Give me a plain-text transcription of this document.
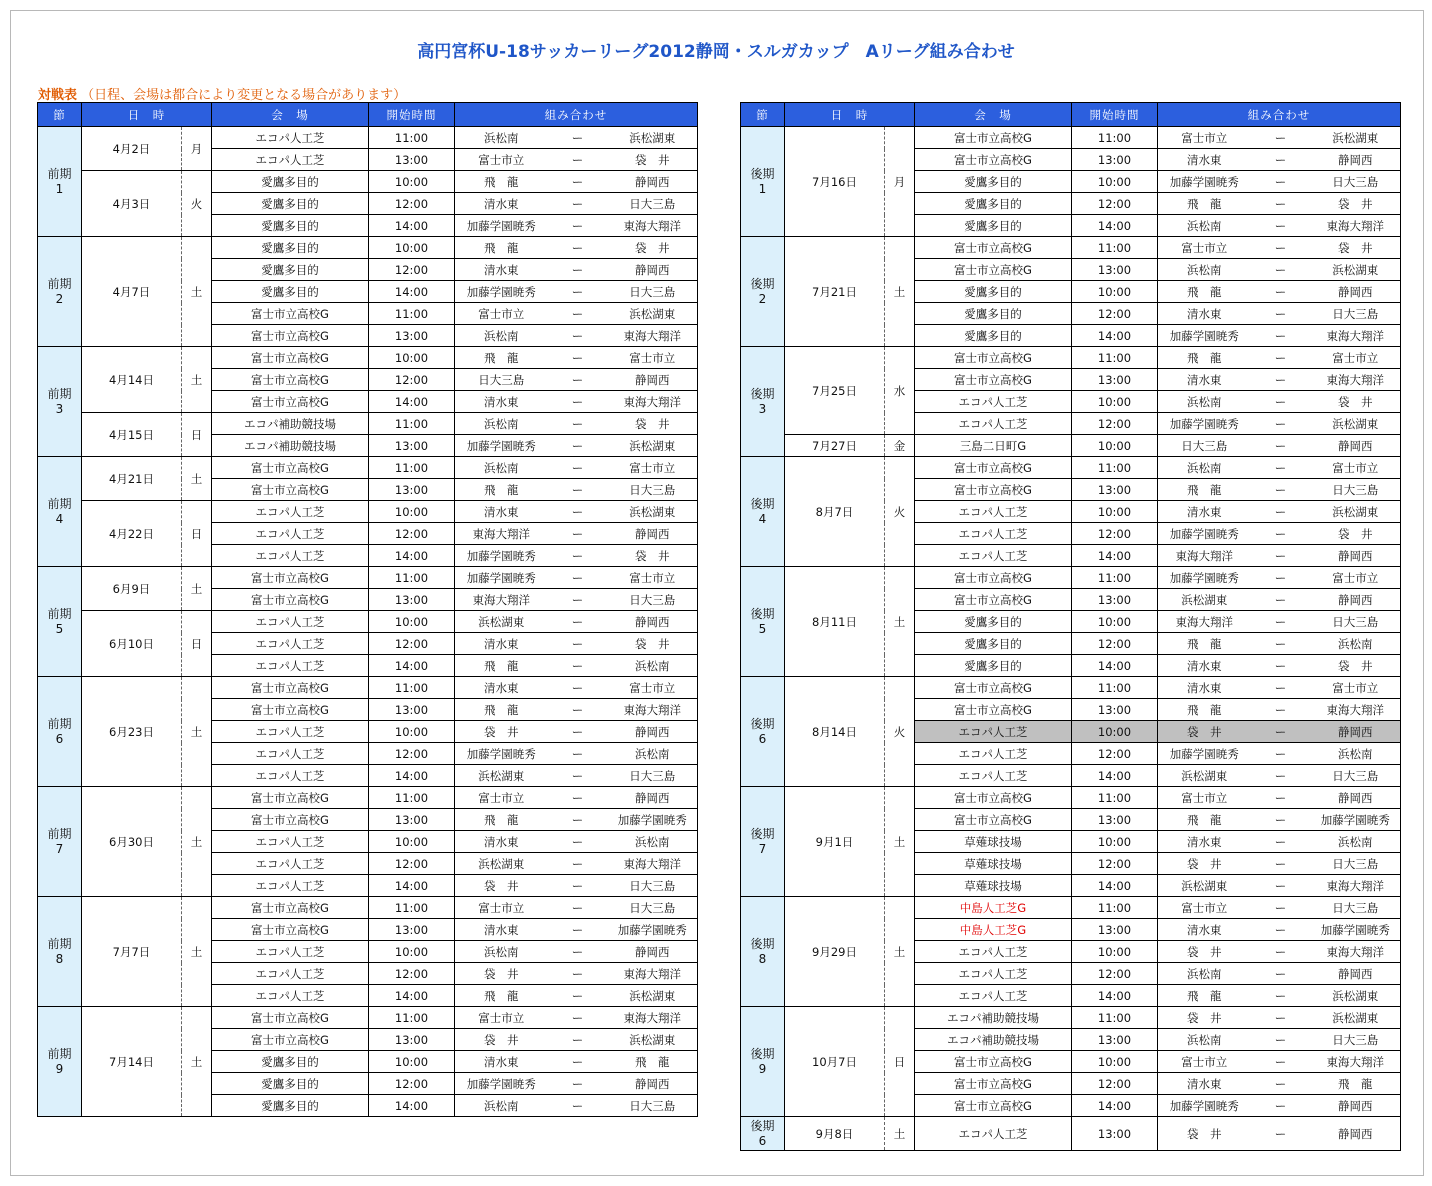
高円宮杯U-18サッカーリーグ2012静岡・スルガカップ　Aリーグ組み合わせ
対戦表 （日程、会場は都合により変更となる場合があります）
節	日　時		会　場	開始時間	組み合わせ		
前期
1	4月2日	月	エコパ人工芝	11:00	浜松南	ー	浜松湖東
			エコパ人工芝	13:00	富士市立	ー	袋　井
	4月3日	火	愛鷹多目的	10:00	飛　龍	ー	静岡西
			愛鷹多目的	12:00	清水東	ー	日大三島
			愛鷹多目的	14:00	加藤学園暁秀	ー	東海大翔洋
前期
2	4月7日	土	愛鷹多目的	10:00	飛　龍	ー	袋　井
			愛鷹多目的	12:00	清水東	ー	静岡西
			愛鷹多目的	14:00	加藤学園暁秀	ー	日大三島
			富士市立高校G	11:00	富士市立	ー	浜松湖東
			富士市立高校G	13:00	浜松南	ー	東海大翔洋
前期
3	4月14日	土	富士市立高校G	10:00	飛　龍	ー	富士市立
			富士市立高校G	12:00	日大三島	ー	静岡西
			富士市立高校G	14:00	清水東	ー	東海大翔洋
	4月15日	日	エコパ補助競技場	11:00	浜松南	ー	袋　井
			エコパ補助競技場	13:00	加藤学園暁秀	ー	浜松湖東
前期
4	4月21日	土	富士市立高校G	11:00	浜松南	ー	富士市立
			富士市立高校G	13:00	飛　龍	ー	日大三島
	4月22日	日	エコパ人工芝	10:00	清水東	ー	浜松湖東
			エコパ人工芝	12:00	東海大翔洋	ー	静岡西
			エコパ人工芝	14:00	加藤学園暁秀	ー	袋　井
前期
5	6月9日	土	富士市立高校G	11:00	加藤学園暁秀	ー	富士市立
			富士市立高校G	13:00	東海大翔洋	ー	日大三島
	6月10日	日	エコパ人工芝	10:00	浜松湖東	ー	静岡西
			エコパ人工芝	12:00	清水東	ー	袋　井
			エコパ人工芝	14:00	飛　龍	ー	浜松南
前期
6	6月23日	土	富士市立高校G	11:00	清水東	ー	富士市立
			富士市立高校G	13:00	飛　龍	ー	東海大翔洋
			エコパ人工芝	10:00	袋　井	ー	静岡西
			エコパ人工芝	12:00	加藤学園暁秀	ー	浜松南
			エコパ人工芝	14:00	浜松湖東	ー	日大三島
前期
7	6月30日	土	富士市立高校G	11:00	富士市立	ー	静岡西
			富士市立高校G	13:00	飛　龍	ー	加藤学園暁秀
			エコパ人工芝	10:00	清水東	ー	浜松南
			エコパ人工芝	12:00	浜松湖東	ー	東海大翔洋
			エコパ人工芝	14:00	袋　井	ー	日大三島
前期
8	7月7日	土	富士市立高校G	11:00	富士市立	ー	日大三島
			富士市立高校G	13:00	清水東	ー	加藤学園暁秀
			エコパ人工芝	10:00	浜松南	ー	静岡西
			エコパ人工芝	12:00	袋　井	ー	東海大翔洋
			エコパ人工芝	14:00	飛　龍	ー	浜松湖東
前期
9	7月14日	土	富士市立高校G	11:00	富士市立	ー	東海大翔洋
			富士市立高校G	13:00	袋　井	ー	浜松湖東
			愛鷹多目的	10:00	清水東	ー	飛　龍
			愛鷹多目的	12:00	加藤学園暁秀	ー	静岡西
			愛鷹多目的	14:00	浜松南	ー	日大三島
節	日　時		会　場	開始時間	組み合わせ		
後期
1	7月16日	月	富士市立高校G	11:00	富士市立	ー	浜松湖東
			富士市立高校G	13:00	清水東	ー	静岡西
			愛鷹多目的	10:00	加藤学園暁秀	ー	日大三島
			愛鷹多目的	12:00	飛　龍	ー	袋　井
			愛鷹多目的	14:00	浜松南	ー	東海大翔洋
後期
2	7月21日	土	富士市立高校G	11:00	富士市立	ー	袋　井
			富士市立高校G	13:00	浜松南	ー	浜松湖東
			愛鷹多目的	10:00	飛　龍	ー	静岡西
			愛鷹多目的	12:00	清水東	ー	日大三島
			愛鷹多目的	14:00	加藤学園暁秀	ー	東海大翔洋
後期
3	7月25日	水	富士市立高校G	11:00	飛　龍	ー	富士市立
			富士市立高校G	13:00	清水東	ー	東海大翔洋
			エコパ人工芝	10:00	浜松南	ー	袋　井
			エコパ人工芝	12:00	加藤学園暁秀	ー	浜松湖東
	7月27日	金	三島二日町G	10:00	日大三島	ー	静岡西
後期
4	8月7日	火	富士市立高校G	11:00	浜松南	ー	富士市立
			富士市立高校G	13:00	飛　龍	ー	日大三島
			エコパ人工芝	10:00	清水東	ー	浜松湖東
			エコパ人工芝	12:00	加藤学園暁秀	ー	袋　井
			エコパ人工芝	14:00	東海大翔洋	ー	静岡西
後期
5	8月11日	土	富士市立高校G	11:00	加藤学園暁秀	ー	富士市立
			富士市立高校G	13:00	浜松湖東	ー	静岡西
			愛鷹多目的	10:00	東海大翔洋	ー	日大三島
			愛鷹多目的	12:00	飛　龍	ー	浜松南
			愛鷹多目的	14:00	清水東	ー	袋　井
後期
6	8月14日	火	富士市立高校G	11:00	清水東	ー	富士市立
			富士市立高校G	13:00	飛　龍	ー	東海大翔洋
			エコパ人工芝	10:00	袋　井	ー	静岡西
			エコパ人工芝	12:00	加藤学園暁秀	ー	浜松南
			エコパ人工芝	14:00	浜松湖東	ー	日大三島
後期
7	9月1日	土	富士市立高校G	11:00	富士市立	ー	静岡西
			富士市立高校G	13:00	飛　龍	ー	加藤学園暁秀
			草薙球技場	10:00	清水東	ー	浜松南
			草薙球技場	12:00	袋　井	ー	日大三島
			草薙球技場	14:00	浜松湖東	ー	東海大翔洋
後期
8	9月29日	土	中島人工芝G	11:00	富士市立	ー	日大三島
			中島人工芝G	13:00	清水東	ー	加藤学園暁秀
			エコパ人工芝	10:00	袋　井	ー	東海大翔洋
			エコパ人工芝	12:00	浜松南	ー	静岡西
			エコパ人工芝	14:00	飛　龍	ー	浜松湖東
後期
9	10月7日	日	エコパ補助競技場	11:00	袋　井	ー	浜松湖東
			エコパ補助競技場	13:00	浜松南	ー	日大三島
			富士市立高校G	10:00	富士市立	ー	東海大翔洋
			富士市立高校G	12:00	清水東	ー	飛　龍
			富士市立高校G	14:00	加藤学園暁秀	ー	静岡西
後期
6	9月8日	土	エコパ人工芝	13:00	袋　井	ー	静岡西
